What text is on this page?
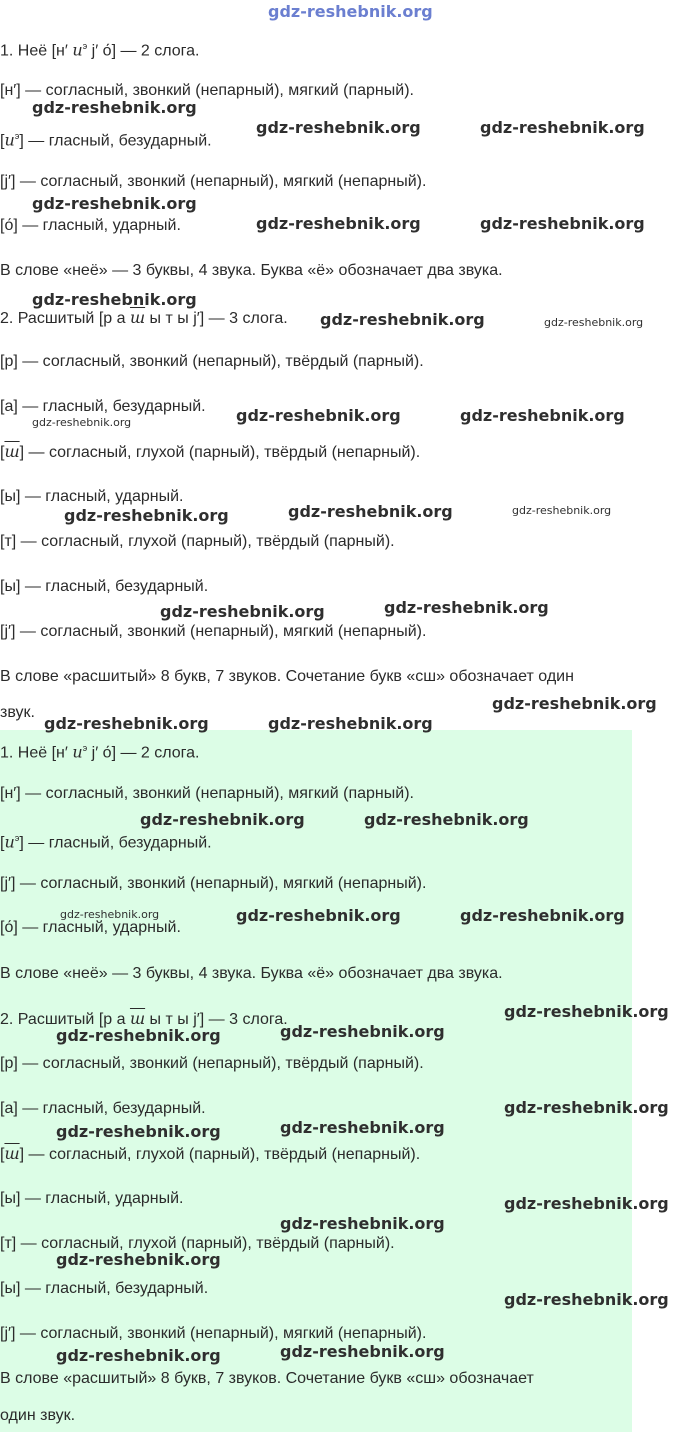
gdz-reshebnik.org
1. Неё [н′ $и^э$ j′ о́] — 2 слога.
[н′] — согласный, звонкий (непарный), мягкий (парный).
$[и^э]$ — гласный, безударный.
[j′] — согласный, звонкий (непарный), мягкий (непарный).
[о́] — гласный, ударный.
В слове «неё» — 3 буквы, 4 звука. Буква «ё» обозначает два звука.
2. Расшитый [р а ш ы т ы j′] — 3 слога.
[р] — согласный, звонкий (непарный), твёрдый (парный).
[а] — гласный, безударный.
[ш] — согласный, глухой (парный), твёрдый (непарный).
[ы] — гласный, ударный.
[т] — согласный, глухой (парный), твёрдый (парный).
[ы] — гласный, безударный.
[j′] — согласный, звонкий (непарный), мягкий (непарный).
В слове «расшитый» 8 букв, 7 звуков. Сочетание букв «сш» обозначает один
звук.
1. Неё [н′ $и^э$ j′ о́] — 2 слога.
[н′] — согласный, звонкий (непарный), мягкий (парный).
$[и^э]$ — гласный, безударный.
[j′] — согласный, звонкий (непарный), мягкий (непарный).
[о́] — гласный, ударный.
В слове «неё» — 3 буквы, 4 звука. Буква «ё» обозначает два звука.
2. Расшитый [р а ш ы т ы j′] — 3 слога.
[р] — согласный, звонкий (непарный), твёрдый (парный).
[а] — гласный, безударный.
[ш] — согласный, глухой (парный), твёрдый (непарный).
[ы] — гласный, ударный.
[т] — согласный, глухой (парный), твёрдый (парный).
[ы] — гласный, безударный.
[j′] — согласный, звонкий (непарный), мягкий (непарный).
В слове «расшитый» 8 букв, 7 звуков. Сочетание букв «сш» обозначает
один звук.
gdz-reshebnik.org
gdz-reshebnik.org	gdz-reshebnik.org
gdz-reshebnik.org
gdz-reshebnik.org	gdz-reshebnik.org
gdz-reshebnik.org
gdz-reshebnik.org	gdz-reshebnik.org
gdz-reshebnik.org	gdz-reshebnik.org
gdz-reshebnik.org
gdz-reshebnik.org	gdz-reshebnik.org	gdz-reshebnik.org
gdz-reshebnik.org	gdz-reshebnik.org
gdz-reshebnik.org
gdz-reshebnik.org	gdz-reshebnik.org
gdz-reshebnik.org	gdz-reshebnik.org
gdz-reshebnik.org	gdz-reshebnik.org	gdz-reshebnik.org
gdz-reshebnik.org
gdz-reshebnik.org
gdz-reshebnik.org
gdz-reshebnik.org
gdz-reshebnik.org
gdz-reshebnik.org
gdz-reshebnik.org
gdz-reshebnik.org
gdz-reshebnik.org
gdz-reshebnik.org
gdz-reshebnik.org
gdz-reshebnik.org
